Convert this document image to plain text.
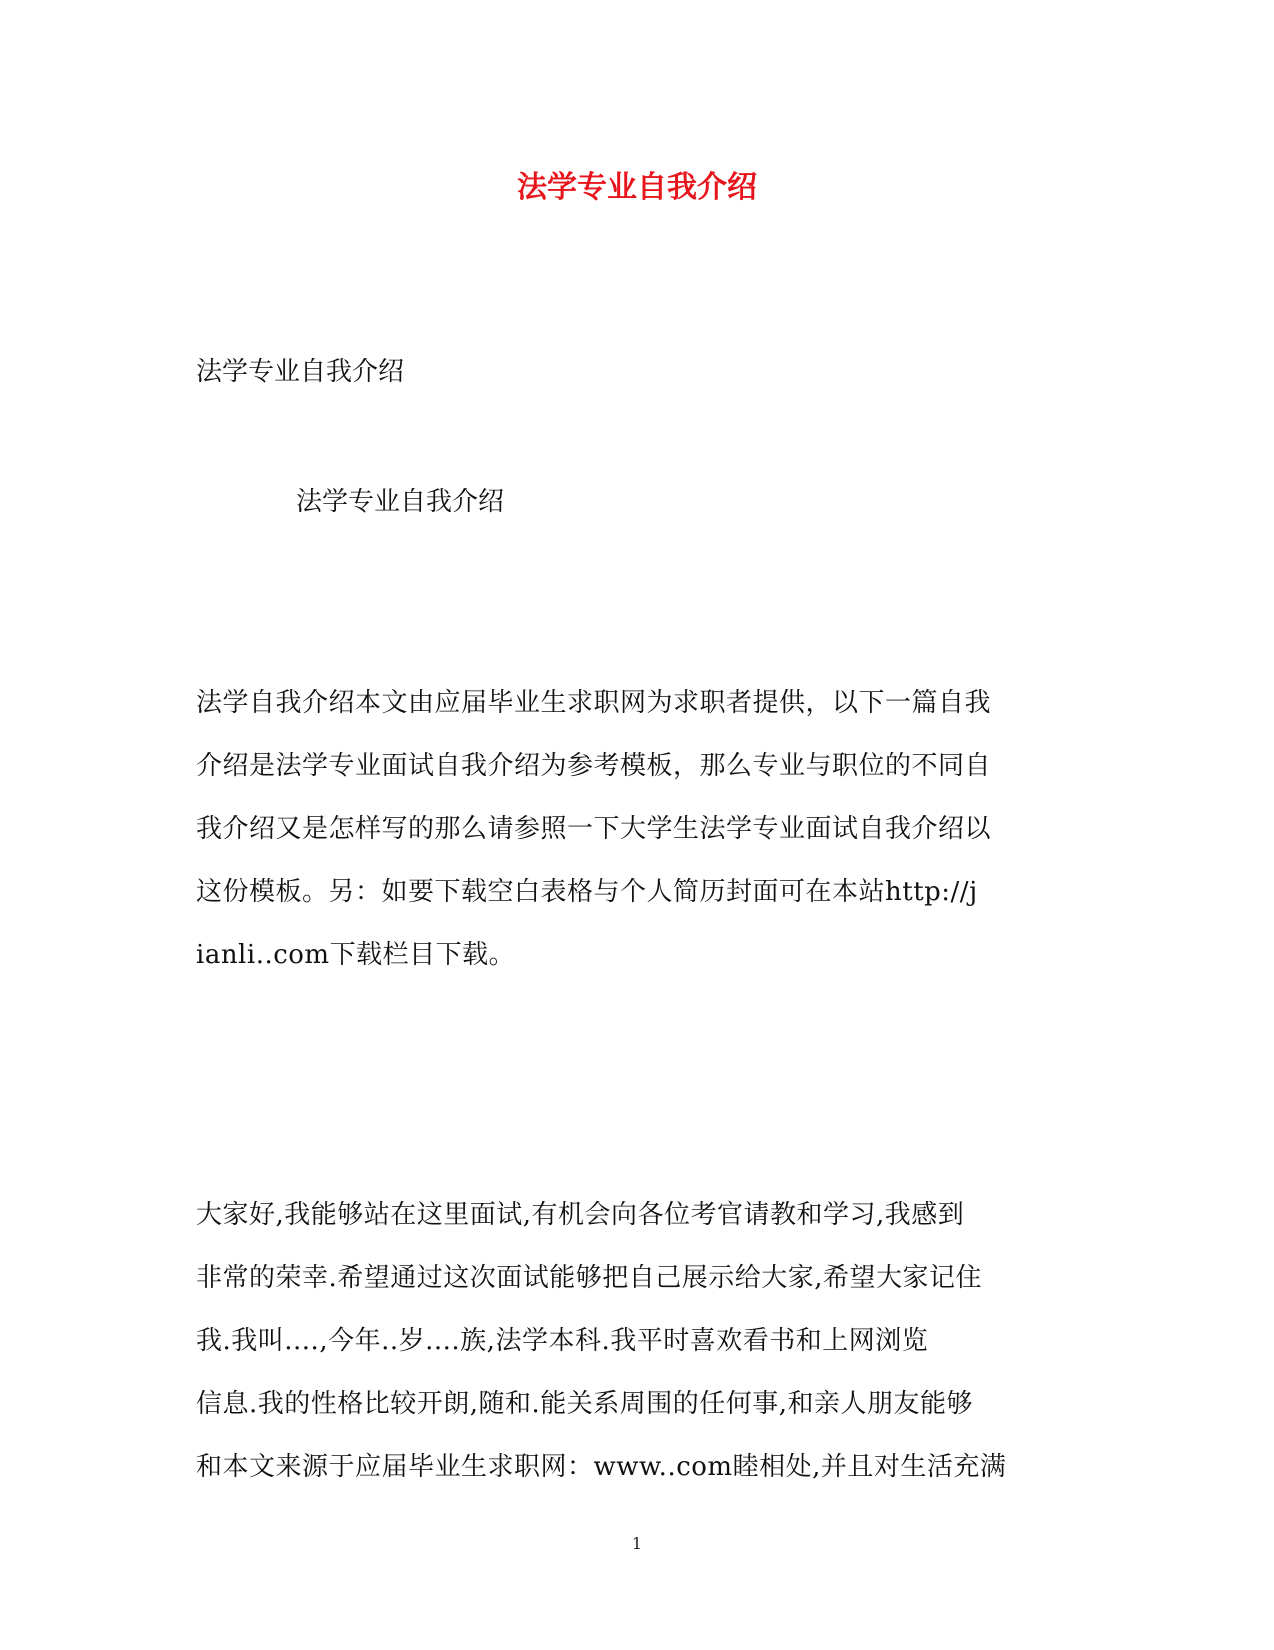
法学专业自我介绍
法学专业自我介绍
法学专业自我介绍
法学自我介绍本文由应届毕业生求职网为求职者提供，以下一篇自我
介绍是法学专业面试自我介绍为参考模板，那么专业与职位的不同自
我介绍又是怎样写的那么请参照一下大学生法学专业面试自我介绍以
这份模板。另：如要下载空白表格与个人简历封面可在本站http://j
ianli..com下载栏目下载。
大家好,我能够站在这里面试,有机会向各位考官请教和学习,我感到
非常的荣幸.希望通过这次面试能够把自己展示给大家,希望大家记住
我.我叫....,今年..岁....族,法学本科.我平时喜欢看书和上网浏览
信息.我的性格比较开朗,随和.能关系周围的任何事,和亲人朋友能够
和本文来源于应届毕业生求职网：www..com睦相处,并且对生活充满
1
